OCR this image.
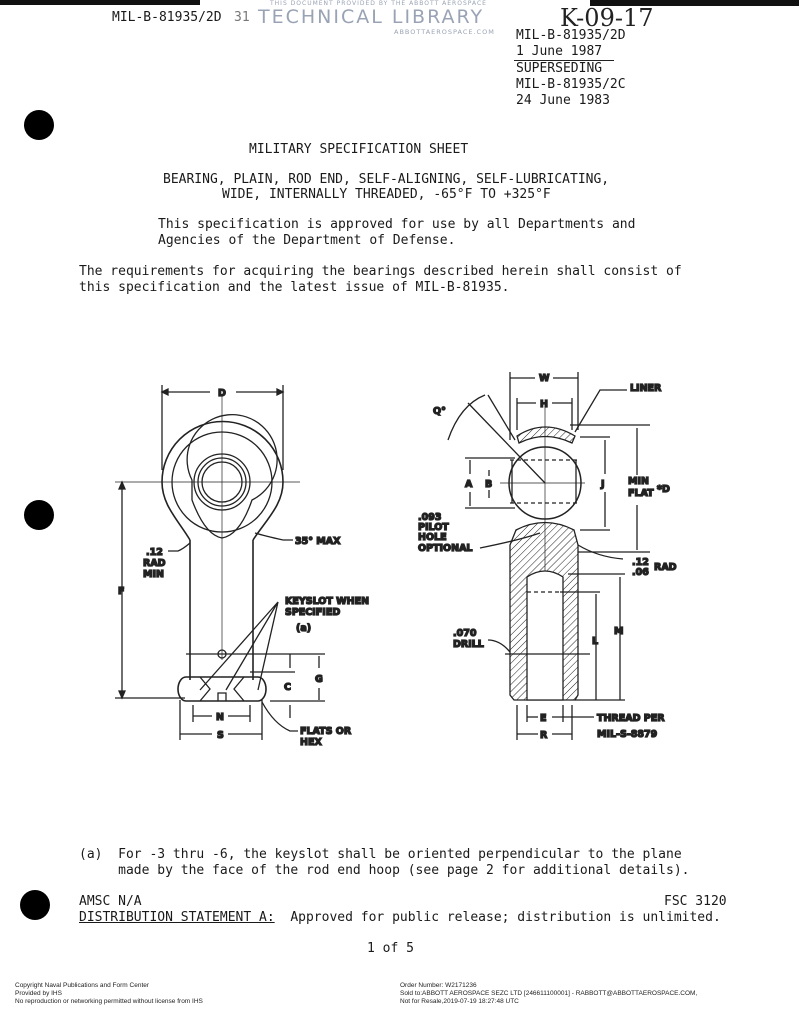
MIL-B-81935/2D 31
THIS DOCUMENT PROVIDED BY THE ABBOTT AEROSPACE
TECHNICAL LIBRARY
ABBOTTAEROSPACE.COM	K-09-17
MIL-B-81935/2D
1 June 1987
SUPERSEDING
MIL-B-81935/2C
24 June 1983
MILITARY SPECIFICATION SHEET
BEARING, PLAIN, ROD END, SELF-ALIGNING, SELF-LUBRICATING,
WIDE, INTERNALLY THREADED, -65°F TO +325°F
This specification is approved for use by all Departments and
Agencies of the Department of Defense.
The requirements for acquiring the bearings described herein shall consist of
this specification and the latest issue of MIL-B-81935.
D
35° MAX
.12
RAD
MIN
F
KEYSLOT WHEN
SPECIFIED
(a)
C
G
N
S	FLATS OR
HEX
W
H
LINER
Q°
A B	J MIN
FLAT *D
.093
PILOT
HOLE
OPTIONAL
.12
.06 RAD
.070
DRILL	L
M
E
R
THREAD PER
MIL-S-8879
(a)  For -3 thru -6, the keyslot shall be oriented perpendicular to the plane
made by the face of the rod end hoop (see page 2 for additional details).
AMSC N/A	FSC 3120
DISTRIBUTION STATEMENT A:  Approved for public release; distribution is unlimited.
1 of 5
Copyright Naval Publications and Form Center
Provided by IHS
No reproduction or networking permitted without license from IHS
Order Number: W2171236
Sold to:ABBOTT AEROSPACE SEZC LTD [246611100001] - RABBOTT@ABBOTTAEROSPACE.COM,
Not for Resale,2019-07-19 18:27:48 UTC
